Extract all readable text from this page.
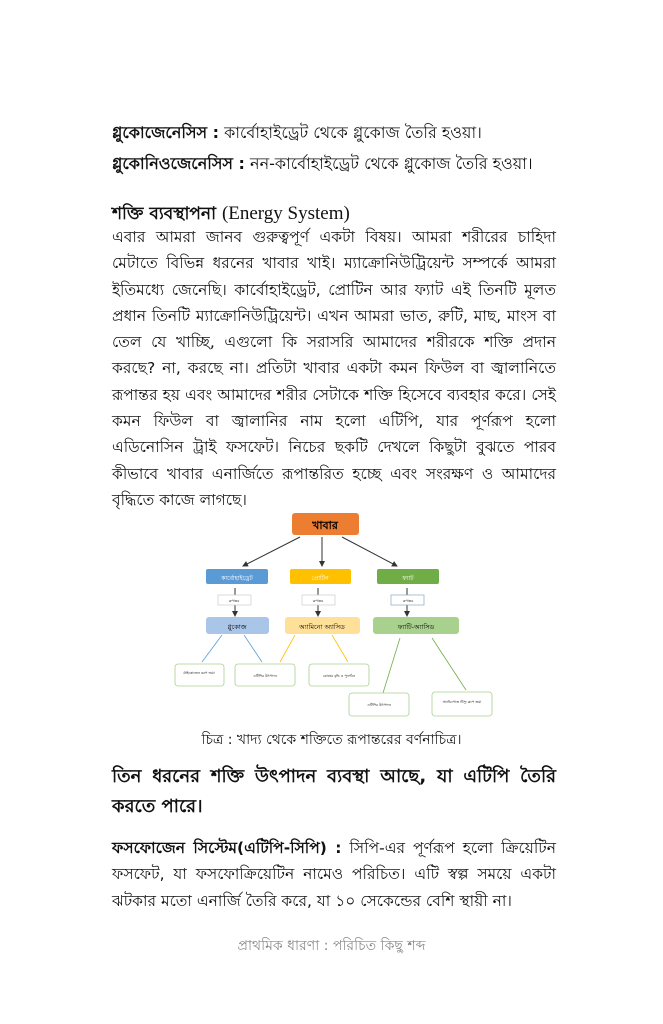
গ্লুকোজেনেসিস : কার্বোহাইড্রেট থেকে গ্লুকোজ তৈরি হওয়া।
গ্লুকোনিওজেনেসিস : নন-কার্বোহাইড্রেট থেকে গ্লুকোজ তৈরি হওয়া।
শক্তি ব্যবস্থাপনা (Energy System)
এবার আমরা জানব গুরুত্বপূর্ণ একটা বিষয়। আমরা শরীরের চাহিদা মেটাতে বিভিন্ন ধরনের খাবার খাই। ম্যাক্রোনিউট্রিয়েন্ট সম্পর্কে আমরা ইতিমধ্যে জেনেছি। কার্বোহাইড্রেট, প্রোটিন আর ফ্যাট এই তিনটি মূলত প্রধান তিনটি ম্যাক্রোনিউট্রিয়েন্ট। এখন আমরা ভাত, রুটি, মাছ, মাংস বা তেল যে খাচ্ছি, এগুলো কি সরাসরি আমাদের শরীরকে শক্তি প্রদান করছে? না, করছে না। প্রতিটা খাবার একটা কমন ফিউল বা জ্বালানিতে রূপান্তর হয় এবং আমাদের শরীর সেটাকে শক্তি হিসেবে ব্যবহার করে। সেই কমন ফিউল বা জ্বালানির নাম হলো এটিপি, যার পূর্ণরূপ হলো এডিনোসিন ট্রাই ফসফেট। নিচের ছকটি দেখলে কিছুটা বুঝতে পারব কীভাবে খাবার এনার্জিতে রূপান্তরিত হচ্ছে এবং সংরক্ষণ ও আমাদের বৃদ্ধিতে কাজে লাগছে।
খাবার
কার্বোহাইড্রেট	প্রোটিন	ফ্যাট
রূপান্তর	রূপান্তর	রূপান্তর
গ্লুকোজ	অ্যামিনো অ্যাসিড	ফ্যাটি-অ্যাসিড
গ্লাইকোজেন রূপে জমা
এটিপির উৎপাদন	কোষের বৃদ্ধি ও পুনর্গঠন
এটিপির উৎপাদন
অ্যাডিপোজ টিস্যু রূপে জমা
চিত্র : খাদ্য থেকে শক্তিতে রূপান্তরের বর্ণনাচিত্র।
তিন ধরনের শক্তি উৎপাদন ব্যবস্থা আছে, যা এটিপি তৈরি করতে পারে।
ফসফোজেন সিস্টেম(এটিপি-সিপি) : সিপি-এর পূর্ণরূপ হলো ক্রিয়েটিন ফসফেট, যা ফসফোক্রিয়েটিন নামেও পরিচিত। এটি স্বল্প সময়ে একটা ঝটকার মতো এনার্জি তৈরি করে, যা ১০ সেকেন্ডের বেশি স্থায়ী না।
প্রাথমিক ধারণা : পরিচিত কিছু শব্দ
